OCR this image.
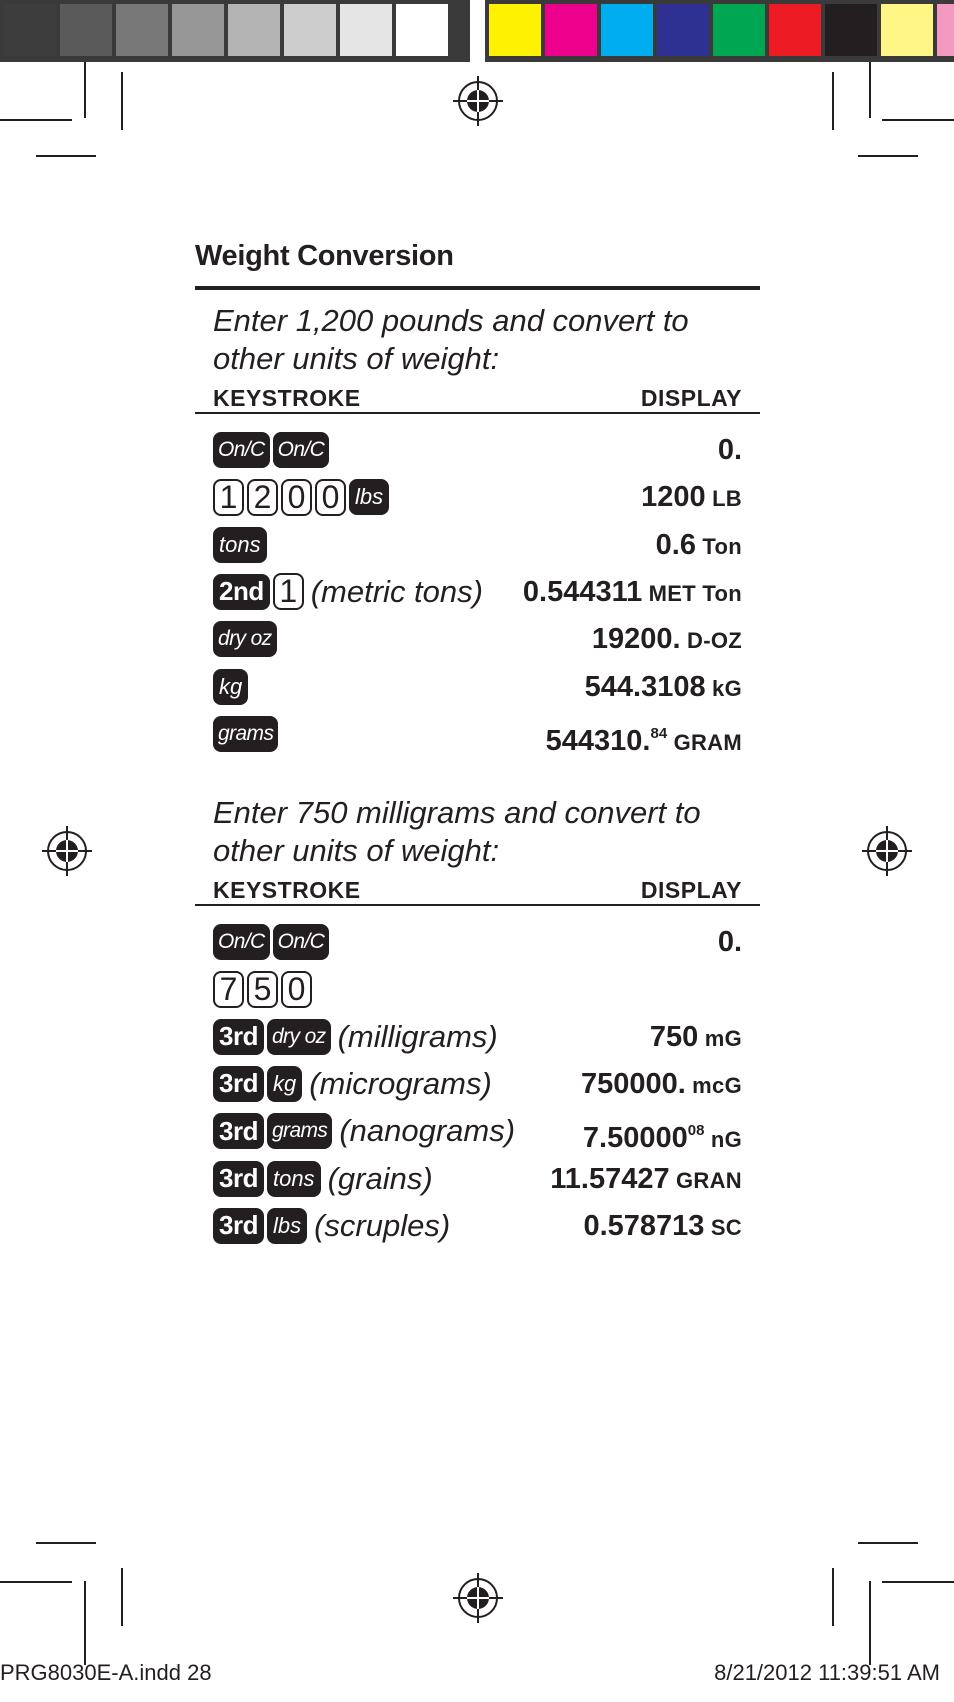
Weight Conversion
Enter 1,200 pounds and convert to
other units of weight:
KEYSTROKE	DISPLAY
On/C On/C	0.
1 2 0 0 lbs	1200 LB
tons	0.6 Ton
2nd 1 (metric tons) 0.544311 MET Ton
dry oz	19200. D-OZ
kg	544.3108 kG
grams	544310.84 GRAM
Enter 750 milligrams and convert to
other units of weight:
KEYSTROKE	DISPLAY
On/C On/C	0.
7 5 0
3rd dry oz (milligrams)	750 mG
3rd kg (micrograms)	750000. mcG
3rd grams (nanograms) 7.50000$^{08}$ nG
3rd tons (grains)	11.57427 GRAN
3rd lbs (scruples)	0.578713 SC
PRG8030E-A.indd 28	8/21/2012 11:39:51 AM
